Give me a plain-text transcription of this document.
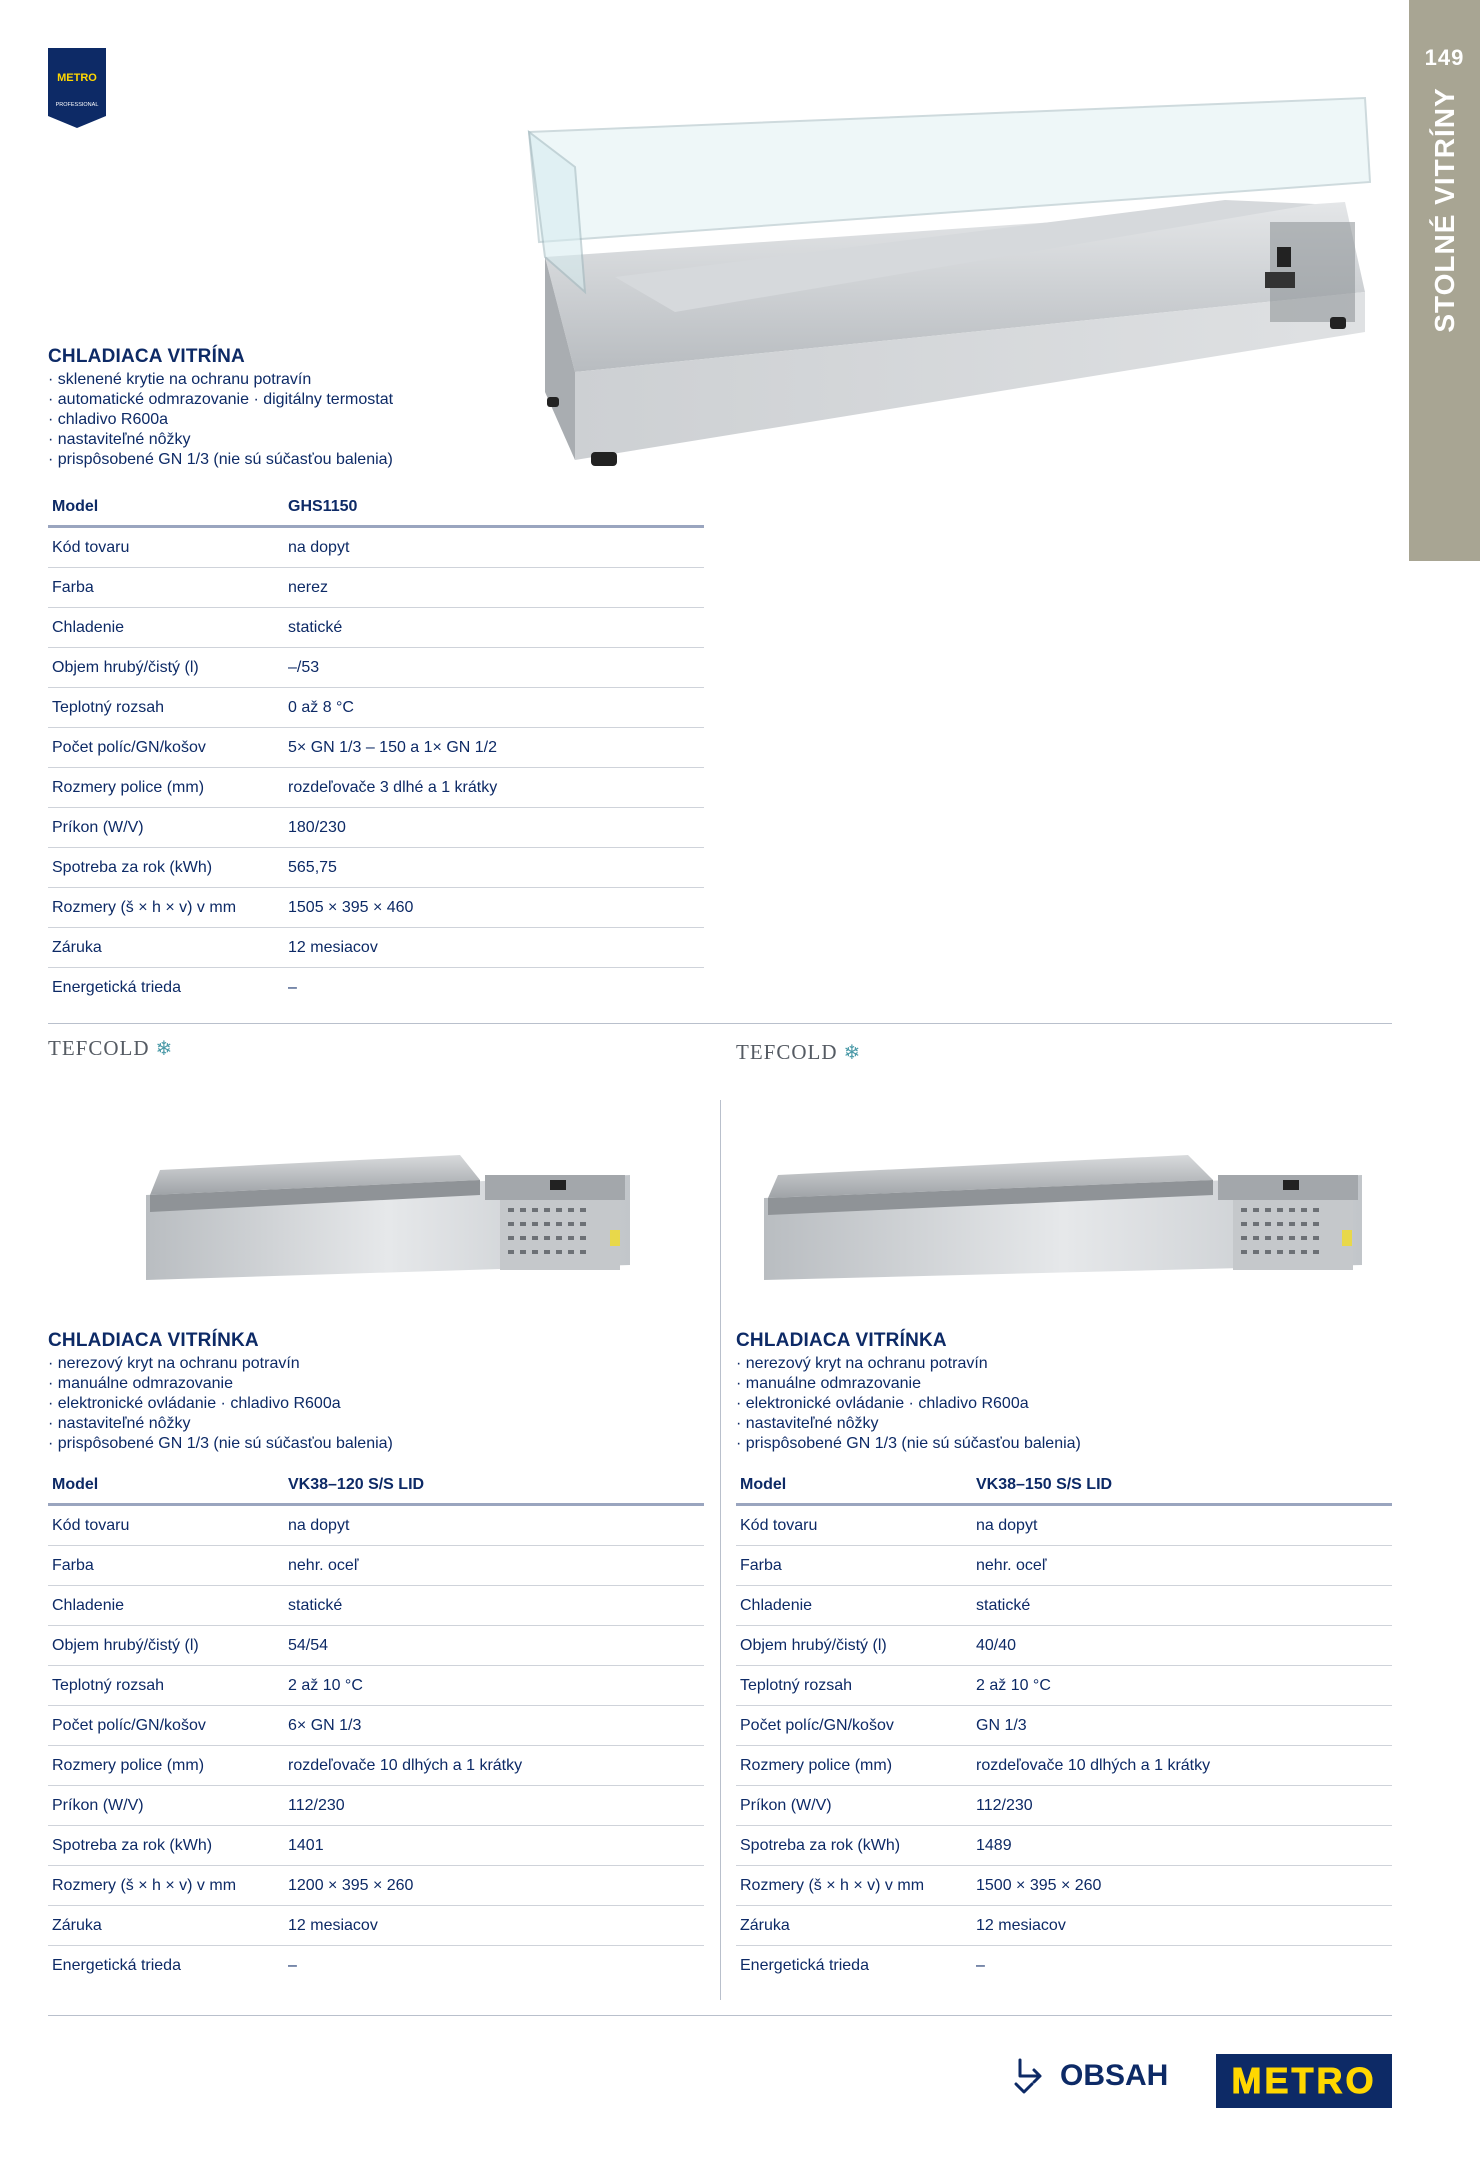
METRO
PROFESSIONAL
149
STOLNÉ VITRÍNY
CHLADIACA VITRÍNA
· sklenené krytie na ochranu potravín
· automatické odmrazovanie · digitálny termostat
· chladivo R600a
· nastaviteľné nôžky
· prispôsobené GN 1/3 (nie sú súčasťou balenia)
Model	GHS1150
Kód tovaru	na dopyt
Farba	nerez
Chladenie	statické
Objem hrubý/čistý (l)	–/53
Teplotný rozsah	0 až 8 °C
Počet políc/GN/košov	5× GN 1/3 – 150 a 1× GN 1/2
Rozmery police (mm)	rozdeľovače 3 dlhé a 1 krátky
Príkon (W/V)	180/230
Spotreba za rok (kWh)	565,75
Rozmery (š × h × v) v mm	1505 × 395 × 460
Záruka	12 mesiacov
Energetická trieda	–
TEFCOLD ❄	TEFCOLD ❄
CHLADIACA VITRÍNKA
· nerezový kryt na ochranu potravín
· manuálne odmrazovanie
· elektronické ovládanie · chladivo R600a
· nastaviteľné nôžky
· prispôsobené GN 1/3 (nie sú súčasťou balenia)
CHLADIACA VITRÍNKA
· nerezový kryt na ochranu potravín
· manuálne odmrazovanie
· elektronické ovládanie · chladivo R600a
· nastaviteľné nôžky
· prispôsobené GN 1/3 (nie sú súčasťou balenia)
Model	VK38–120 S/S LID
Kód tovaru	na dopyt
Farba	nehr. oceľ
Chladenie	statické
Objem hrubý/čistý (l)	54/54
Teplotný rozsah	2 až 10 °C
Počet políc/GN/košov	6× GN 1/3
Rozmery police (mm)	rozdeľovače 10 dlhých a 1 krátky
Príkon (W/V)	112/230
Spotreba za rok (kWh)	1401
Rozmery (š × h × v) v mm	1200 × 395 × 260
Záruka	12 mesiacov
Energetická trieda	–
Model	VK38–150 S/S LID
Kód tovaru	na dopyt
Farba	nehr. oceľ
Chladenie	statické
Objem hrubý/čistý (l)	40/40
Teplotný rozsah	2 až 10 °C
Počet políc/GN/košov	GN 1/3
Rozmery police (mm)	rozdeľovače 10 dlhých a 1 krátky
Príkon (W/V)	112/230
Spotreba za rok (kWh)	1489
Rozmery (š × h × v) v mm	1500 × 395 × 260
Záruka	12 mesiacov
Energetická trieda	–
OBSAH METRO
